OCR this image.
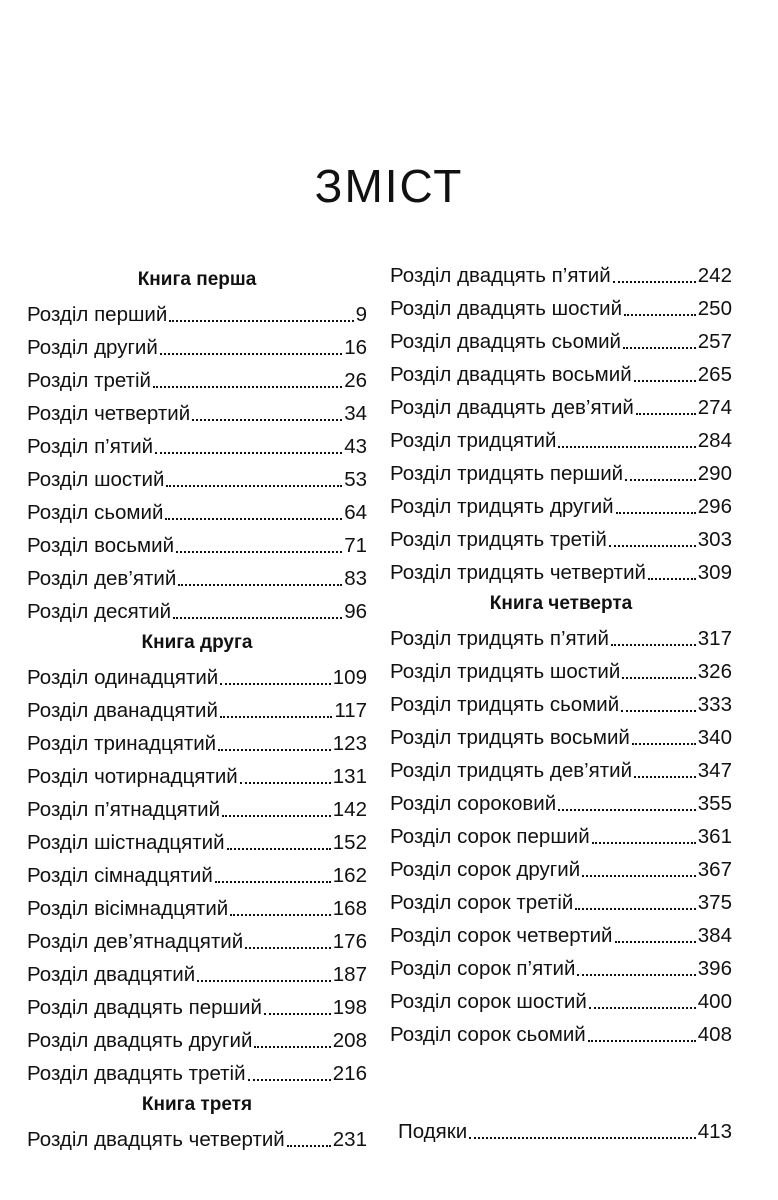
ЗМІСТ
Книга перша
Розділ перший	9
Розділ другий	16
Розділ третій	26
Розділ четвертий	34
Розділ п’ятий	43
Розділ шостий	53
Розділ сьомий	64
Розділ восьмий	71
Розділ дев’ятий	83
Розділ десятий	96
Книга друга
Розділ одинадцятий	109
Розділ дванадцятий	117
Розділ тринадцятий	123
Розділ чотирнадцятий	131
Розділ п’ятнадцятий	142
Розділ шістнадцятий	152
Розділ сімнадцятий	162
Розділ вісімнадцятий	168
Розділ дев’ятнадцятий	176
Розділ двадцятий	187
Розділ двадцять перший	198
Розділ двадцять другий	208
Розділ двадцять третій	216
Книга третя
Розділ двадцять четвертий 231
Розділ двадцять п’ятий	242
Розділ двадцять шостий	250
Розділ двадцять сьомий	257
Розділ двадцять восьмий	265
Розділ двадцять дев’ятий	274
Розділ тридцятий	284
Розділ тридцять перший	290
Розділ тридцять другий	296
Розділ тридцять третій	303
Розділ тридцять четвертий	309
Книга четверта
Розділ тридцять п’ятий	317
Розділ тридцять шостий	326
Розділ тридцять сьомий	333
Розділ тридцять восьмий	340
Розділ тридцять дев’ятий	347
Розділ сороковий	355
Розділ сорок перший	361
Розділ сорок другий	367
Розділ сорок третій	375
Розділ сорок четвертий	384
Розділ сорок п’ятий	396
Розділ сорок шостий	400
Розділ сорок сьомий	408
Подяки	413
